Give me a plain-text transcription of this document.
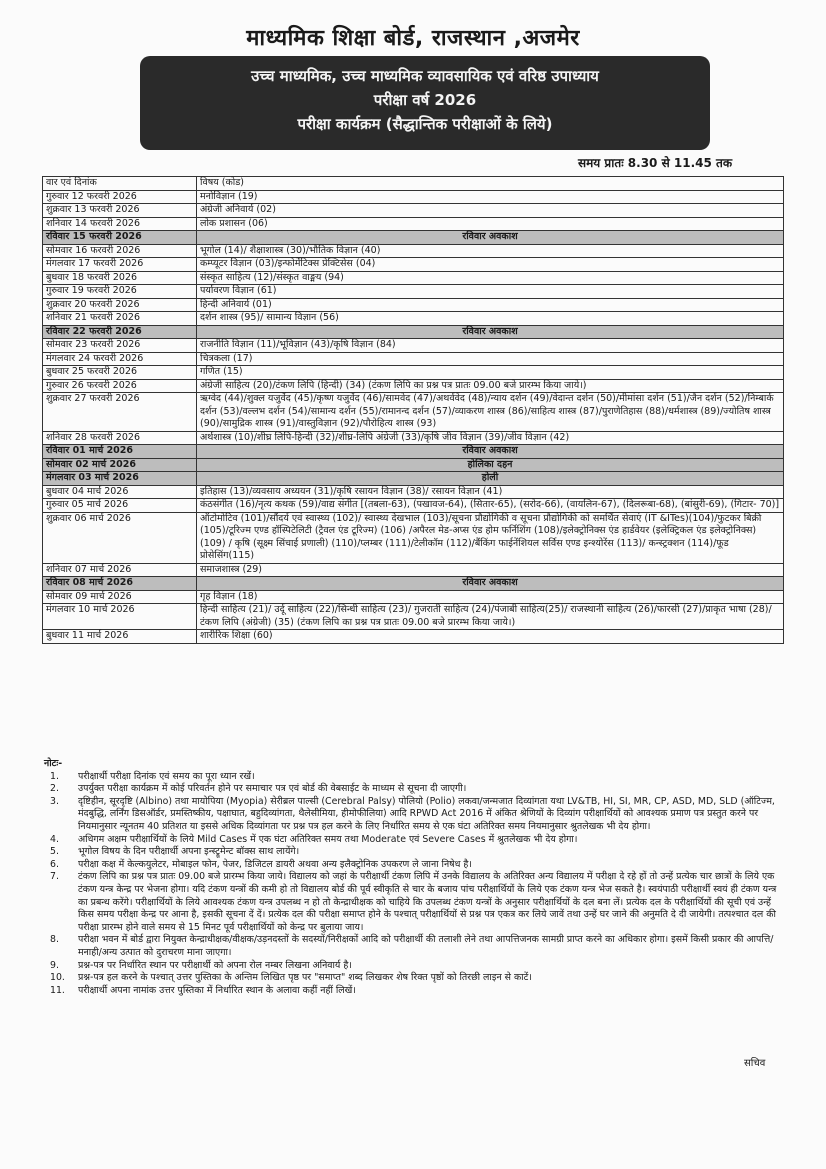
माध्यमिक शिक्षा बोर्ड, राजस्थान ,अजमेर
उच्च माध्यमिक, उच्च माध्यमिक व्यावसायिक एवं वरिष्ठ उपाध्याय
परीक्षा वर्ष 2026
परीक्षा कार्यक्रम (सैद्धान्तिक परीक्षाओं के लिये)
समय प्रातः 8.30 से 11.45 तक
वार एवं दिनांक	विषय (कोड)
गुरुवार 12 फरवरी 2026	मनोविज्ञान (19)
शुक्रवार 13 फरवरी 2026	अंग्रेजी अनिवार्य (02)
शनिवार 14 फरवरी 2026	लोक प्रशासन (06)
रविवार 15 फरवरी 2026	रविवार अवकाश
सोमवार 16 फरवरी 2026	भूगोल (14)/ शैक्षाशास्त्र (30)/भौतिक विज्ञान (40)
मंगलवार 17 फरवरी 2026	कम्प्यूटर विज्ञान (03)/इन्फोर्मेटिक्स प्रेक्टिसेस (04)
बुधवार 18 फरवरी 2026	संस्कृत साहित्य (12)/संस्कृत वाङ्मय (94)
गुरुवार 19 फरवरी 2026	पर्यावरण विज्ञान (61)
शुक्रवार 20 फरवरी 2026	हिन्दी अनिवार्य (01)
शनिवार 21 फरवरी 2026	दर्शन शास्त्र (95)/ सामान्य विज्ञान (56)
रविवार 22 फरवरी 2026	रविवार अवकाश
सोमवार 23 फरवरी 2026	राजनीति विज्ञान (11)/भूविज्ञान (43)/कृषि विज्ञान (84)
मंगलवार 24 फरवरी 2026	चित्रकला (17)
बुधवार 25 फरवरी 2026	गणित (15)
गुरुवार 26 फरवरी 2026	अंग्रेजी साहित्य (20)/टंकण लिपि (हिन्दी) (34) (टंकण लिपि का प्रश्न पत्र प्रातः 09.00 बजे प्रारम्भ किया जाये।)
शुक्रवार 27 फरवरी 2026	ऋग्वेद (44)/शुक्ल यजुर्वेद (45)/कृष्ण यजुर्वेद (46)/सामवेद (47)/अथर्ववेद (48)/न्याय दर्शन (49)/वेदान्त दर्शन (50)/मीमांसा दर्शन (51)/जैन दर्शन (52)/निम्बार्क दर्शन (53)/वल्लभ दर्शन (54)/सामान्य दर्शन (55)/रामानन्द दर्शन (57)/व्याकरण शास्त्र (86)/साहित्य शास्त्र (87)/पुराणेतिहास (88)/धर्मशास्त्र (89)/ज्योतिष शास्त्र (90)/सामुद्रिक शास्त्र (91)/वास्तुविज्ञान (92)/पौरोहित्य शास्त्र (93)
शनिवार 28 फरवरी 2026	अर्थशास्त्र (10)/शीघ्र लिपि-हिन्दी (32)/शीघ्र-लिपि अंग्रेजी (33)/कृषि जीव विज्ञान (39)/जीव विज्ञान (42)
रविवार 01 मार्च 2026	रविवार अवकाश
सोमवार 02 मार्च 2026	होलिका दहन
मंगलवार 03 मार्च 2026	होली
बुधवार 04 मार्च 2026	इतिहास (13)/व्यवसाय अध्ययन (31)/कृषि रसायन विज्ञान (38)/ रसायन विज्ञान (41)
गुरुवार 05 मार्च 2026	कंठसंगीत (16)/नृत्य कथक (59)/वाद्य संगीत [(तबला-63), (पखावज-64), (सितार-65), (सरोद-66), (वायलिन-67), (दिलरूबा-68), (बांसुरी-69), (गिटार- 70)]
शुक्रवार 06 मार्च 2026	ऑटोमोटिव (101)/सौंदर्य एवं स्वास्थ्य (102)/ स्वास्थ्य देखभाल (103)/सूचना प्रौद्योगिकी व सूचना प्रौद्योगिकी को समर्थित सेवाएं (IT &ITes)(104)/फुटकर बिक्री (105)/टूरिज्म एण्ड हॉस्पिटेलिटी (ट्रैवल एंड टूरिज्म) (106) /अपैरल मेड-अप्स एंड होम फर्निशिंग (108)/इलेक्ट्रोनिक्स एंड हार्डवेयर (इलेक्ट्रिकल एंड इलेक्ट्रोनिक्स) (109) / कृषि (सूक्ष्म सिंचाई प्रणाली) (110)/प्लम्बर (111)/टेलीकॉम (112)/बैंकिंग फाईनेंशियल सर्विस एण्ड इन्श्योरेंस (113)/ कन्स्ट्रक्शन (114)/फूड प्रोसेसिंग(115)
शनिवार 07 मार्च 2026	समाजशास्त्र (29)
रविवार 08 मार्च 2026	रविवार अवकाश
सोमवार 09 मार्च 2026	गृह विज्ञान (18)
मंगलवार 10 मार्च 2026	हिन्दी साहित्य (21)/ उर्दू साहित्य (22)/सिन्धी साहित्य (23)/ गुजराती साहित्य (24)/पंजाबी साहित्य(25)/ राजस्थानी साहित्य (26)/फारसी (27)/प्राकृत भाषा (28)/टंकण लिपि (अंग्रेजी) (35) (टंकण लिपि का प्रश्न पत्र प्रातः 09.00 बजे प्रारम्भ किया जाये।)
बुधवार 11 मार्च 2026	शारीरिक शिक्षा (60)
नोटः-
1.	परीक्षार्थी परीक्षा दिनांक एवं समय का पूरा ध्यान रखें।
2.	उपर्युक्त परीक्षा कार्यक्रम में कोई परिवर्तन होने पर समाचार पत्र एवं बोर्ड की वेबसाईट के माध्यम से सूचना दी जाएगी।
3.	दृष्टिहीन, सूरदृष्टि (Albino) तथा मायोपिया (Myopia) सेरीब्रल पाल्सी (Cerebral Palsy) पोलियो (Polio) लकवा/जन्मजात दिव्यांगता यथा LV&TB, HI, SI, MR, CP, ASD, MD, SLD (ऑटिज्म, मंदबुद्धि, लर्निंग डिसऑर्डर, प्रमस्तिष्कीय, पक्षाघात, बहुदिव्यांगता, थैलेसीमिया, हीमोफीलिया) आदि RPWD Act 2016 में अंकित श्रेणियों के दिव्यांग परीक्षार्थियों को आवश्यक प्रमाण पत्र प्रस्तुत करने पर नियमानुसार न्यूनतम 40 प्रतिशत या इससे अधिक दिव्यांगता पर प्रश्न पत्र हल करने के लिए निर्धारित समय से एक घंटा अतिरिक्त समय नियमानुसार श्रुतलेखक भी देय होगा।
4.	अधिगम अक्षम परीक्षार्थियों के लिये Mild Cases में एक घंटा अतिरिक्त समय तथा Moderate एवं Severe Cases में श्रुतलेखक भी देय होगा।
5.	भूगोल विषय के दिन परीक्षार्थी अपना इन्स्ट्रूमेन्ट बॉक्स साथ लायेंगे।
6.	परीक्षा कक्ष में केल्कयुलेटर, मोबाइल फोन, पेजर, डिजिटल डायरी अथवा अन्य इलैक्ट्रोनिक उपकरण ले जाना निषेध है।
7.	टंकण लिपि का प्रश्न पत्र प्रातः 09.00 बजे प्रारम्भ किया जाये। विद्यालय को जहां के परीक्षार्थी टंकण लिपि में उनके विद्यालय के अतिरिक्त अन्य विद्यालय में परीक्षा दे रहे हों तो उन्हें प्रत्येक चार छात्रों के लिये एक टंकण यन्त्र केन्द्र पर भेजना होगा। यदि टंकण यन्त्रों की कमी हो तो विद्यालय बोर्ड की पूर्व स्वीकृति से चार के बजाय पांच परीक्षार्थियों के लिये एक टंकण यन्त्र भेज सकते है। स्वयंपाठी परीक्षार्थी स्वयं ही टंकण यन्त्र का प्रबन्ध करेंगे। परीक्षार्थियों के लिये आवश्यक टंकण यन्त्र उपलब्ध न हो तो केन्द्राधीक्षक को चाहिये कि उपलब्ध टंकण यन्त्रों के अनुसार परीक्षार्थियों के दल बना लें। प्रत्येक दल के परीक्षार्थियों की सूची एवं उन्हें किस समय परीक्षा केन्द्र पर आना है, इसकी सूचना दें दें। प्रत्येक दल की परीक्षा समाप्त होने के पश्चात् परीक्षार्थियों से प्रश्न पत्र एकत्र कर लिये जावें तथा उन्हें घर जाने की अनुमति दे दी जायेगी। तत्पश्चात दल की परीक्षा प्रारम्भ होने वाले समय से 15 मिनट पूर्व परीक्षार्थियों को केन्द्र पर बुलाया जाय।
8.	परीक्षा भवन में बोर्ड द्वारा नियुक्त केन्द्राधीक्षक/वीक्षक/उड़नदस्तों के सदस्यों/निरीक्षकों आदि को परीक्षार्थी की तलाशी लेने तथा आपत्तिजनक सामग्री प्राप्त करने का अधिकार होगा। इसमें किसी प्रकार की आपत्ति/मनाही/अन्य उत्पात को दुराचरण माना जाएगा।
9.	प्रश्न-पत्र पर निर्धारित स्थान पर परीक्षार्थी को अपना रोल नम्बर लिखना अनिवार्य है।
10.	प्रश्न-पत्र हल करने के पश्चात् उत्तर पुस्तिका के अन्तिम लिखित पृष्ठ पर "समाप्त" शब्द लिखकर शेष रिक्त पृष्ठों को तिरछी लाइन से काटें।
11.	परीक्षार्थी अपना नामांक उत्तर पुस्तिका में निर्धारित स्थान के अलावा कहीं नहीं लिखें।
सचिव
